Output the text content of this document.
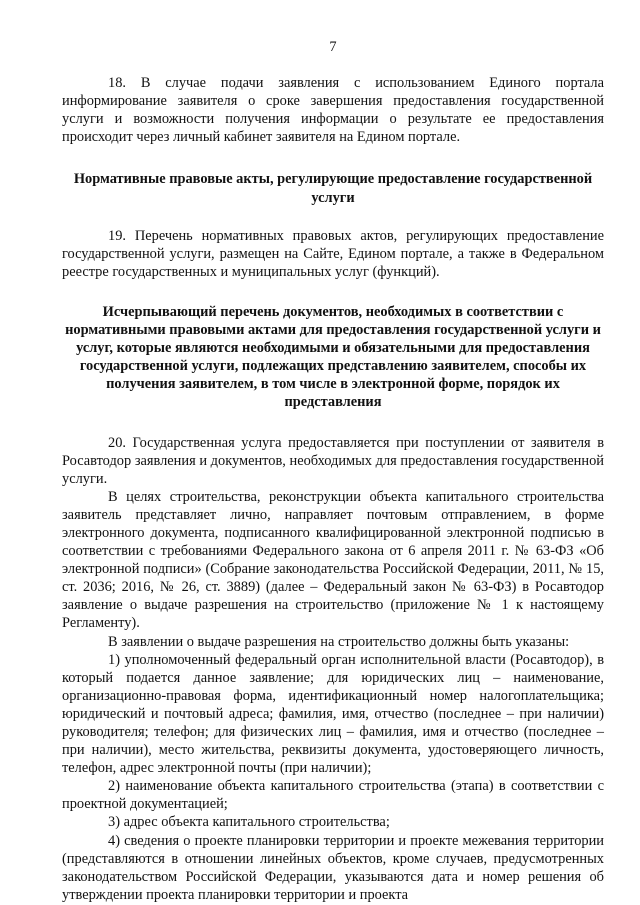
7

18. В случае подачи заявления с использованием Единого портала информирование заявителя о сроке завершения предоставления государственной услуги и возможности получения информации о результате ее предоставления происходит через личный кабинет заявителя на Едином портале.

Нормативные правовые акты, регулирующие предоставление государственной услуги

19. Перечень нормативных правовых актов, регулирующих предоставление государственной услуги, размещен на Сайте, Едином портале, а также в Федеральном реестре государственных и муниципальных услуг (функций).

Исчерпывающий перечень документов, необходимых в соответствии с нормативными правовыми актами для предоставления государственной услуги и услуг, которые являются необходимыми и обязательными для предоставления государственной услуги, подлежащих представлению заявителем, способы их получения заявителем, в том числе в электронной форме, порядок их представления

20. Государственная услуга предоставляется при поступлении от заявителя в Росавтодор заявления и документов, необходимых для предоставления государственной услуги.

В целях строительства, реконструкции объекта капитального строительства заявитель представляет лично, направляет почтовым отправлением, в форме электронного документа, подписанного квалифицированной электронной подписью в соответствии с требованиями Федерального закона от 6 апреля 2011 г. № 63-ФЗ «Об электронной подписи» (Собрание законодательства Российской Федерации, 2011, № 15, ст. 2036; 2016, № 26, ст. 3889) (далее – Федеральный закон № 63-ФЗ) в Росавтодор заявление о выдаче разрешения на строительство (приложение № 1 к настоящему Регламенту).

В заявлении о выдаче разрешения на строительство должны быть указаны:

1) уполномоченный федеральный орган исполнительной власти (Росавтодор), в который подается данное заявление; для юридических лиц – наименование, организационно-правовая форма, идентификационный номер налогоплательщика; юридический и почтовый адреса; фамилия, имя, отчество (последнее – при наличии) руководителя; телефон; для физических лиц – фамилия, имя и отчество (последнее – при наличии), место жительства, реквизиты документа, удостоверяющего личность, телефон, адрес электронной почты (при наличии);

2) наименование объекта капитального строительства (этапа) в соответствии с проектной документацией;

3) адрес объекта капитального строительства;

4) сведения о проекте планировки территории и проекте межевания территории (представляются в отношении линейных объектов, кроме случаев, предусмотренных законодательством Российской Федерации, указываются дата и номер решения об утверждении проекта планировки территории и проекта
